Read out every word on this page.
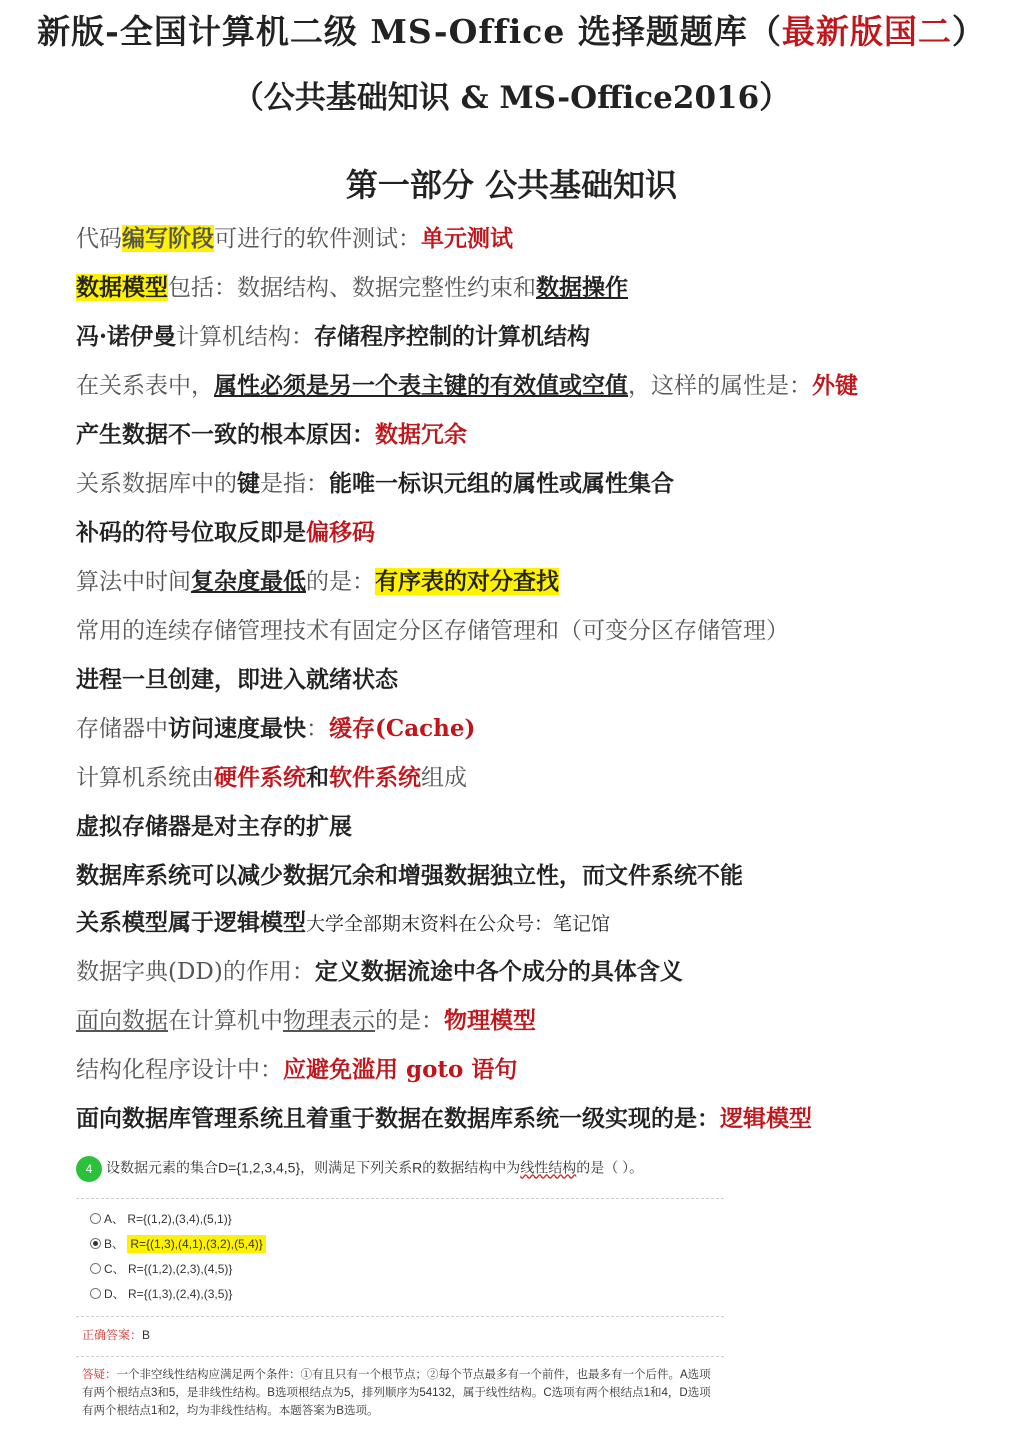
新版-全国计算机二级 MS-Office 选择题题库（最新版国二）
（公共基础知识 & MS-Office2016）
第一部分 公共基础知识
代码编写阶段可进行的软件测试：单元测试
数据模型包括：数据结构、数据完整性约束和数据操作
冯·诺伊曼计算机结构：存储程序控制的计算机结构
在关系表中，属性必须是另一个表主键的有效值或空值，这样的属性是：外键
产生数据不一致的根本原因：数据冗余
关系数据库中的键是指：能唯一标识元组的属性或属性集合
补码的符号位取反即是偏移码
算法中时间复杂度最低的是：有序表的对分查找
常用的连续存储管理技术有固定分区存储管理和（可变分区存储管理）
进程一旦创建，即进入就绪状态
存储器中访问速度最快：缓存(Cache)
计算机系统由硬件系统和软件系统组成
虚拟存储器是对主存的扩展
数据库系统可以减少数据冗余和增强数据独立性，而文件系统不能
关系模型属于逻辑模型大学全部期末资料在公众号：笔记馆
数据字典(DD)的作用：定义数据流途中各个成分的具体含义
面向数据在计算机中物理表示的是：物理模型
结构化程序设计中：应避免滥用 goto 语句
面向数据库管理系统且着重于数据在数据库系统一级实现的是：逻辑模型
4 设数据元素的集合D={1,2,3,4,5}，则满足下列关系R的数据结构中为线性结构的是（ ）。
A、 R={(1,2),(3,4),(5,1)}
B、 R={(1,3),(4,1),(3,2),(5,4)}
C、 R={(1,2),(2,3),(4,5)}
D、 R={(1,3),(2,4),(3,5)}
正确答案：B
答疑：一个非空线性结构应满足两个条件：①有且只有一个根节点；②每个节点最多有一个前件，也最多有一个后件。A选项有两个根结点3和5，是非线性结构。B选项根结点为5，排列顺序为54132，属于线性结构。C选项有两个根结点1和4，D选项有两个根结点1和2，均为非线性结构。本题答案为B选项。
